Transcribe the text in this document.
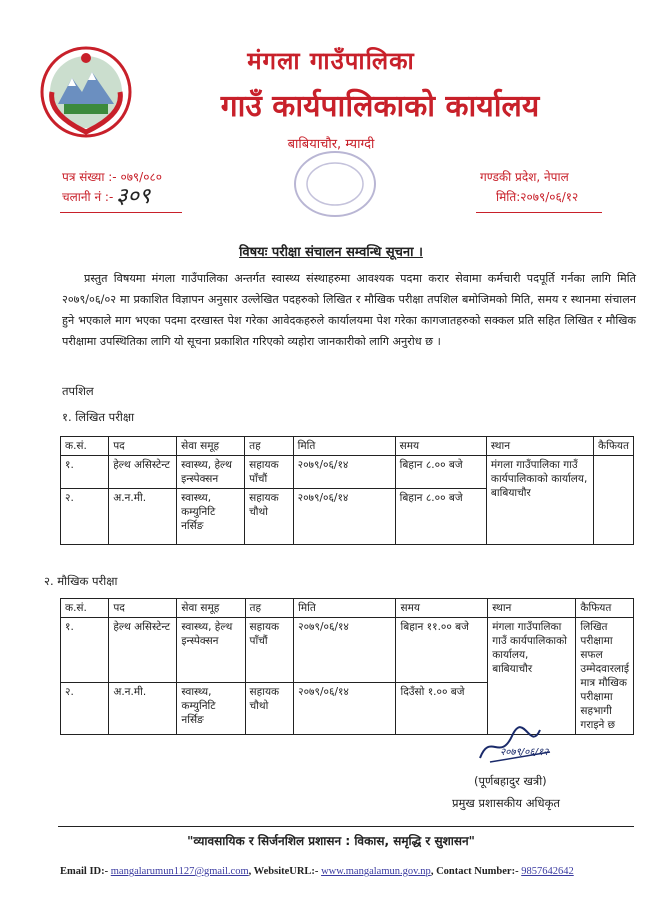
मंगला गाउँपालिका
गाउँ कार्यपालिकाको कार्यालय
बाबियाचौर, म्याग्दी
पत्र संख्या :- ०७९/०८०
चलानी नं :- ३०९
गण्डकी प्रदेश, नेपाल
मिति:२०७९/०६/१२
विषयः परीक्षा संचालन सम्वन्धि सूचना ।

प्रस्तुत विषयमा मंगला गाउँपालिका अन्तर्गत स्वास्थ्य संस्थाहरुमा आवश्यक पदमा करार सेवामा कर्मचारी पदपूर्ति गर्नका लागि मिति २०७९/०६/०२ मा प्रकाशित विज्ञापन अनुसार उल्लेखित पदहरुको लिखित र मौखिक परीक्षा तपशिल बमोजिमको मिति, समय र स्थानमा संचालन हुने भएकाले माग भएका पदमा दरखास्त पेश गरेका आवेदकहरुले कार्यालयमा पेश गरेका कागजातहरुको सक्कल प्रति सहित लिखित र मौखिक परीक्षामा उपस्थितिका लागि यो सूचना प्रकाशित गरिएको व्यहोरा जानकारीको लागि अनुरोध छ ।

तपशिल
१. लिखित परीक्षा
क.सं.	पद	सेवा समूह	तह	मिति	समय	स्थान	कैफियत
१.	हेल्थ असिस्टेन्ट	स्वास्थ्य, हेल्थ इन्स्पेक्सन	सहायक पाँचौं	२०७९/०६/१४	बिहान ८.०० बजे	मंगला गाउँपालिका गाउँ कार्यपालिकाको कार्यालय, बाबियाचौर	
२.	अ.न.मी.	स्वास्थ्य, कम्युनिटि नर्सिङ	सहायक चौथो	२०७९/०६/१४	बिहान ८.०० बजे		
२. मौखिक परीक्षा
क.सं.	पद	सेवा समूह	तह	मिति	समय	स्थान	कैफियत
१.	हेल्थ असिस्टेन्ट	स्वास्थ्य, हेल्थ इन्स्पेक्सन	सहायक पाँचौं	२०७९/०६/१४	बिहान ११.०० बजे	मंगला गाउँपालिका गाउँ कार्यपालिकाको कार्यालय, बाबियाचौर	लिखित परीक्षामा सफल उम्मेदवारलाई मात्र मौखिक परीक्षामा सहभागी गराइने छ
२.	अ.न.मी.	स्वास्थ्य, कम्युनिटि नर्सिङ	सहायक चौथो	२०७९/०६/१४	दिउँसो १.०० बजे		
२०७९/०६/१२
(पूर्णबहादुर खत्री)
प्रमुख प्रशासकीय अधिकृत
"व्यावसायिक र सिर्जनशिल प्रशासन : विकास, समृद्धि र सुशासन"
Email ID:- mangalarumun1127@gmail.com, WebsiteURL:- www.mangalamun.gov.np, Contact Number:- 9857642642
